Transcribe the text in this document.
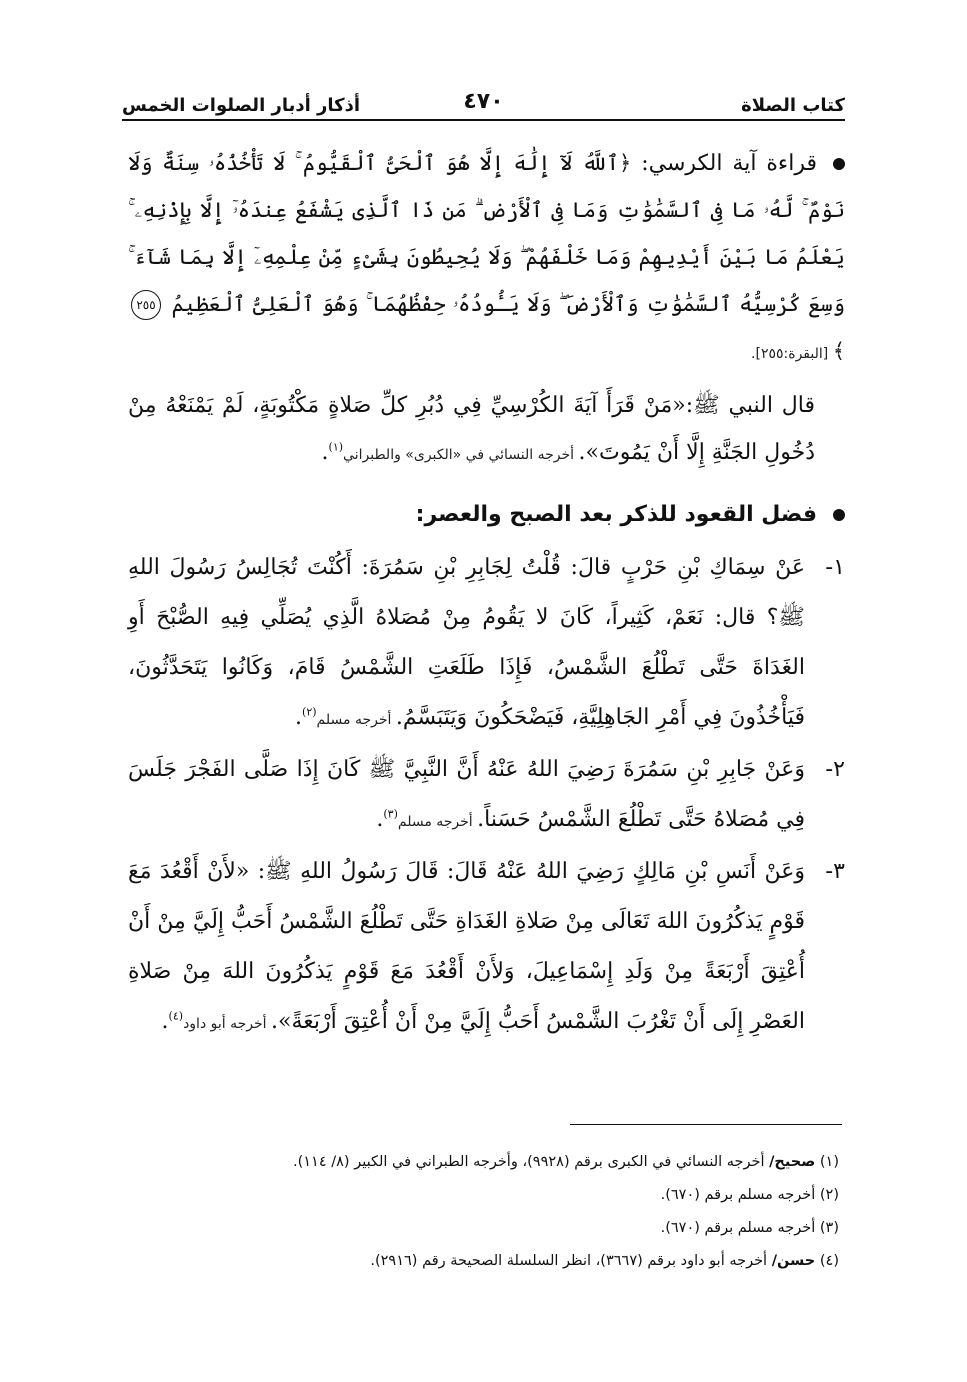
كتاب الصلاة
٤٧٠
أذكار أدبار الصلوات الخمس

قراءة آية الكرسي: ﴿ٱللَّهُ لَآ إِلَٰهَ إِلَّا هُوَ ٱلْحَىُّ ٱلْقَيُّومُ ۚ لَا تَأْخُذُهُۥ سِنَةٌ وَلَا نَوْمٌ ۚ لَّهُۥ مَا فِى ٱلسَّمَٰوَٰتِ وَمَا فِى ٱلْأَرْضِ ۗ مَن ذَا ٱلَّذِى يَشْفَعُ عِندَهُۥٓ إِلَّا بِإِذْنِهِۦ ۚ يَعْلَمُ مَا بَيْنَ أَيْدِيهِمْ وَمَا خَلْفَهُمْ ۖ وَلَا يُحِيطُونَ بِشَىْءٍ مِّنْ عِلْمِهِۦٓ إِلَّا بِمَا شَآءَ ۚ وَسِعَ كُرْسِيُّهُ ٱلسَّمَٰوَٰتِ وَٱلْأَرْضَ ۖ وَلَا يَـُٔودُهُۥ حِفْظُهُمَا ۚ وَهُوَ ٱلْعَلِىُّ ٱلْعَظِيمُ ٢٥٥﴾ [البقرة:٢٥٥].

قال النبي ﷺ:«مَنْ قَرَأَ آيَةَ الكُرْسِيِّ فِي دُبُرِ كلِّ صَلاةٍ مَكْتُوبَةٍ، لَمْ يَمْنَعْهُ مِنْ دُخُولِ الجَنَّةِ إِلَّا أَنْ يَمُوتَ». أخرجه النسائي في «الكبرى» والطبراني$^{(١)}$.

فضل القعود للذكر بعد الصبح والعصر:

١-
عَنْ سِمَاكِ بْنِ حَرْبٍ قالَ: قُلْتُ لِجَابِرِ بْنِ سَمُرَةَ: أَكُنْتَ تُجَالِسُ رَسُولَ اللهِ ﷺ؟ قال: نَعَمْ، كَثِيراً، كَانَ لا يَقُومُ مِنْ مُصَلاهُ الَّذِي يُصَلِّي فِيهِ الصُّبْحَ أَوِ الغَدَاةَ حَتَّى تَطْلُعَ الشَّمْسُ، فَإِذَا طَلَعَتِ الشَّمْسُ قَامَ، وَكَانُوا يَتَحَدَّثُونَ، فَيَأْخُذُونَ فِي أَمْرِ الجَاهِلِيَّةِ، فَيَضْحَكُونَ وَيَتَبَسَّمُ. أخرجه مسلم$^{(٢)}$.
٢-
وَعَنْ جَابِرِ بْنِ سَمُرَةَ رَضِيَ اللهُ عَنْهُ أَنَّ النَّبِيَّ ﷺ كَانَ إِذَا صَلَّى الفَجْرَ جَلَسَ فِي مُصَلاهُ حَتَّى تَطْلُعَ الشَّمْسُ حَسَناً. أخرجه مسلم$^{(٣)}$.
٣-
وَعَنْ أَنَسِ بْنِ مَالِكٍ رَضِيَ اللهُ عَنْهُ قَالَ: قَالَ رَسُولُ اللهِ ﷺ: «لأَنْ أَقْعُدَ مَعَ قَوْمٍ يَذكُرُونَ اللهَ تَعَالَى مِنْ صَلاةِ الغَدَاةِ حَتَّى تَطْلُعَ الشَّمْسُ أَحَبُّ إِلَيَّ مِنْ أَنْ أُعْتِقَ أَرْبَعَةً مِنْ وَلَدِ إِسْمَاعِيلَ، وَلأَنْ أَقْعُدَ مَعَ قَوْمٍ يَذكُرُونَ اللهَ مِنْ صَلاةِ العَصْرِ إِلَى أَنْ تَغْرُبَ الشَّمْسُ أَحَبُّ إِلَيَّ مِنْ أَنْ أُعْتِقَ أَرْبَعَةً». أخرجه أبو داود$^{(٤)}$.
(١) صحيح/ أخرجه النسائي في الكبرى برقم (٩٩٢٨)، وأخرجه الطبراني في الكبير (٨/ ١١٤).
(٢) أخرجه مسلم برقم (٦٧٠).
(٣) أخرجه مسلم برقم (٦٧٠).
(٤) حسن/ أخرجه أبو داود برقم (٣٦٦٧)، انظر السلسلة الصحيحة رقم (٢٩١٦).
